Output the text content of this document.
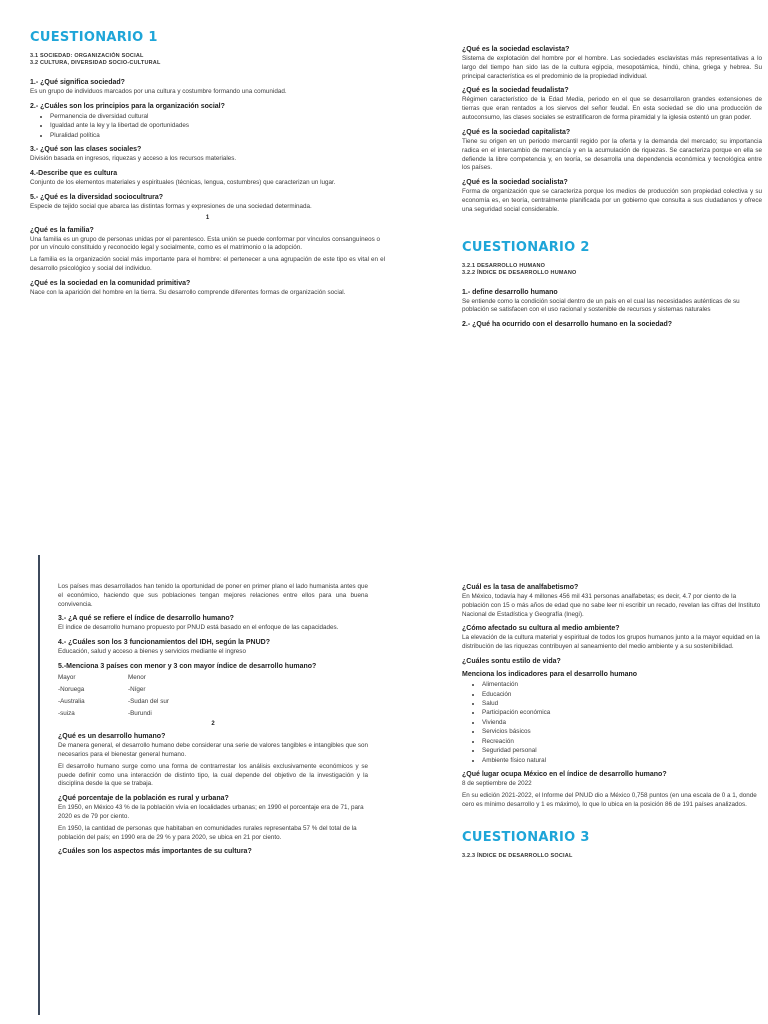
CUESTIONARIO 1
3.1 SOCIEDAD: ORGANIZACIÓN SOCIAL
3.2 CULTURA, DIVERSIDAD SOCIO-CULTURAL
1.- ¿Qué significa sociedad?
Es un grupo de individuos marcados por una cultura y costumbre formando una comunidad.
2.- ¿Cuáles son los principios para la organización social?
• Permanencia de diversidad cultural
• Igualdad ante la ley y la libertad de oportunidades
• Pluralidad política
3.- ¿Qué son las clases sociales?
División basada en ingresos, riquezas y acceso a los recursos materiales.
4.-Describe que es cultura
Conjunto de los elementos materiales y espirituales (técnicas, lengua, costumbres) que caracterizan un lugar.
5.- ¿Qué es la diversidad sociocultrura?
Especie de tejido social que abarca las distintas formas y expresiones de una sociedad determinada.
1
¿Qué es la familia?
Una familia es un grupo de personas unidas por el parentesco. Esta unión se puede conformar por vínculos consanguíneos o por un vínculo constituido y reconocido legal y socialmente, como es el matrimonio o la adopción.
La familia es la organización social más importante para el hombre: el pertenecer a una agrupación de este tipo es vital en el desarrollo psicológico y social del individuo.
¿Qué es la sociedad en la comunidad primitiva?
Nace con la aparición del hombre en la tierra. Su desarrollo comprende diferentes formas de organización social.
¿Qué es la sociedad esclavista?
Sistema de explotación del hombre por el hombre. Las sociedades esclavistas más representativas a lo largo del tiempo han sido las de la cultura egipcia, mesopotámica, hindú, china, griega y hebrea. Su principal característica es el predominio de la propiedad individual.
¿Qué es la sociedad feudalista?
Régimen característico de la Edad Media, periodo en el que se desarrollaron grandes extensiones de tierras que eran rentados a los siervos del señor feudal. En esta sociedad se dio una producción de autoconsumo, las clases sociales se estratificaron de forma piramidal y la iglesia ostentó un gran poder.
¿Qué es la sociedad capitalista?
Tiene su origen en un periodo mercantil regido por la oferta y la demanda del mercado; su importancia radica en el intercambio de mercancía y en la acumulación de riquezas. Se caracteriza porque en ella se defiende la libre competencia y, en teoría, se desarrolla una dependencia económica y tecnológica entre los países.
¿Qué es la sociedad socialista?
Forma de organización que se caracteriza porque los medios de producción son propiedad colectiva y su economía es, en teoría, centralmente planificada por un gobierno que consulta a sus ciudadanos y ofrece una seguridad social considerable.
CUESTIONARIO 2
3.2.1 DESARROLLO HUMANO
3.2.2 ÍNDICE DE DESARROLLO HUMANO
1.- define desarrollo humano
Se entiende como la condición social dentro de un país en el cual las necesidades auténticas de su población se satisfacen con el uso racional y sostenible de recursos y sistemas naturales
2.- ¿Qué ha ocurrido con el desarrollo humano en la sociedad?
Los países mas desarrollados han tenido la oportunidad de poner en primer plano el lado humanista antes que el económico, haciendo que sus poblaciones tengan mejores relaciones entre ellos para una buena convivencia.
3.- ¿A qué se refiere el índice de desarrollo humano?
El índice de desarrollo humano propuesto por PNUD está basado en el enfoque de las capacidades.
4.- ¿Cuáles son los 3 funcionamientos del IDH, según la PNUD?
Educación, salud y acceso a bienes y servicios mediante el ingreso
5.-Menciona 3 países con menor y 3 con mayor índice de desarrollo humano?
Mayor	Menor
-Noruega	-Níger
-Australia	-Sudan del sur
-suiza	-Burundi
2
¿Qué es un desarrollo humano?
De manera general, el desarrollo humano debe considerar una serie de valores tangibles e intangibles que son necesarios para el bienestar general humano.
El desarrollo humano surge como una forma de contrarrestar los análisis exclusivamente económicos y se puede definir como una interacción de distinto tipo, la cual depende del objetivo de la investigación y la disciplina desde la que se trabaja.
¿Qué porcentaje de la población es rural y urbana?
En 1950, en México 43 % de la población vivía en localidades urbanas; en 1990 el porcentaje era de 71, para 2020 es de 79 por ciento.
En 1950, la cantidad de personas que habitaban en comunidades rurales representaba 57 % del total de la población del país; en 1990 era de 29 % y para 2020, se ubica en 21 por ciento.
¿Cuáles son los aspectos más importantes de su cultura?
¿Cuál es la tasa de analfabetismo?
En México, todavía hay 4 millones 456 mil 431 personas analfabetas; es decir, 4.7 por ciento de la población con 15 o más años de edad que no sabe leer ni escribir un recado, revelan las cifras del Instituto Nacional de Estadística y Geografía (Inegi).
¿Cómo afectado su cultura al medio ambiente?
La elevación de la cultura material y espiritual de todos los grupos humanos junto a la mayor equidad en la distribución de las riquezas contribuyen al saneamiento del medio ambiente y a su sostenibilidad.
¿Cuáles sontu estilo de vida?
Menciona los indicadores para el desarrollo humano
• Alimentación
• Educación
• Salud
• Participación económica
• Vivienda
• Servicios básicos
• Recreación
• Seguridad personal
• Ambiente físico natural
¿Qué lugar ocupa México en el índice de desarrollo humano?
8 de septiembre de 2022
En su edición 2021-2022, el Informe del PNUD dio a México 0,758 puntos (en una escala de 0 a 1, donde cero es mínimo desarrollo y 1 es máximo), lo que lo ubica en la posición 86 de 191 países analizados.
CUESTIONARIO 3
3.2.3 ÍNDICE DE DESARROLLO SOCIAL
